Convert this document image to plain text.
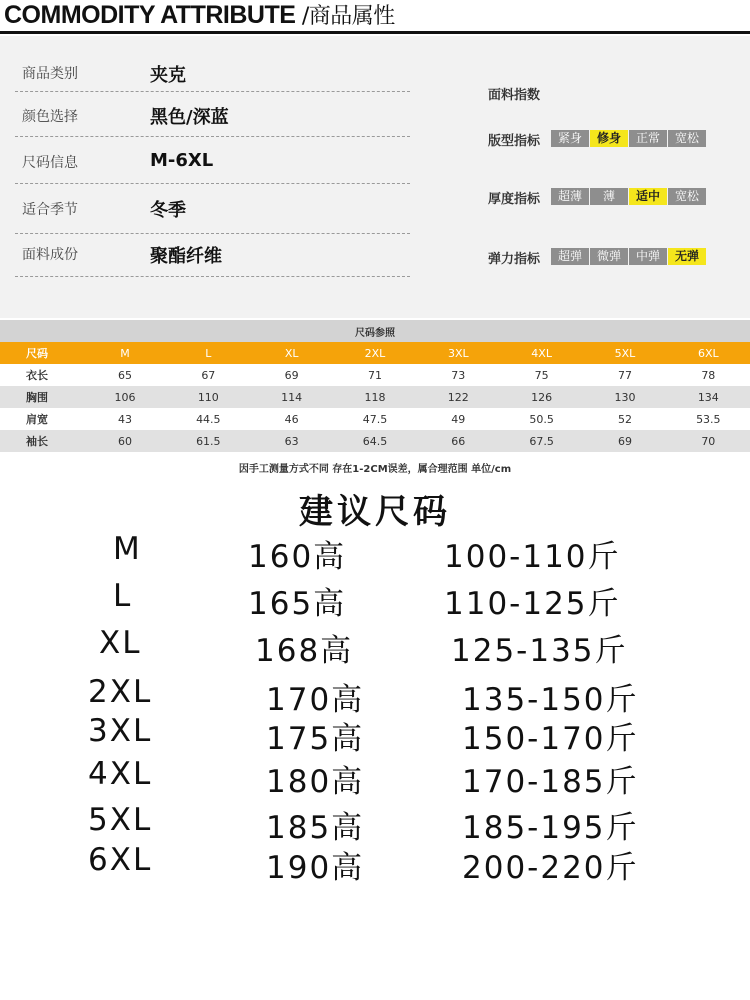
COMMODITY ATTRIBUTE /商品属性
商品类别	夹克
颜色选择	黑色/深蓝
尺码信息	M-6XL
适合季节	冬季
面料成份	聚酯纤维
面料指数
版型指标	紧身	修身	正常	宽松
厚度指标	超薄	薄	适中	宽松
弹力指标	超弹	微弹	中弹	无弹
尺码参照								
尺码	M	L	XL	2XL	3XL	4XL	5XL	6XL
衣长	65	67	69	71	73	75	77	78
胸围	106	110	114	118	122	126	130	134
肩宽	43	44.5	46	47.5	49	50.5	52	53.5
袖长	60	61.5	63	64.5	66	67.5	69	70
因手工测量方式不同 存在1-2CM误差，属合理范围 单位/cm
建议尺码
M	160高	100-110斤
L	165高	110-125斤
XL	168高	125-135斤
2XL	170高	135-150斤
3XL	175高	150-170斤
4XL	180高	170-185斤
5XL	185高	185-195斤
6XL	190高	200-220斤
